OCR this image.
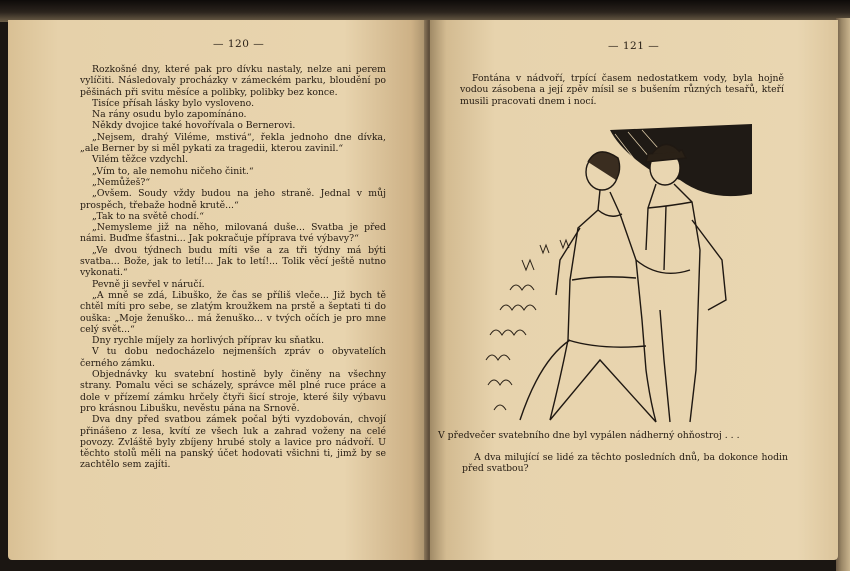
— 120 —

Rozkošné dny, které pak pro dívku nastaly, nelze ani perem vylíčiti. Následovaly procházky v zámeckém parku, bloudění po pěšinách při svitu měsíce a polibky, polibky bez konce.

Tisíce přísah lásky bylo vysloveno.

Na rány osudu bylo zapomínáno.

Někdy dvojice také hovořívala o Bernerovi.

„Nejsem, drahý Viléme, mstivá“, řekla jednoho dne dívka, „ale Berner by si měl pykati za tragedii, kterou zavinil.“

Vilém těžce vzdychl.

„Vím to, ale nemohu ničeho činit.“

„Nemůžeš?“

„Ovšem. Soudy vždy budou na jeho straně. Jednal v můj prospěch, třebaže hodně krutě...“

„Tak to na světě chodí.“

„Nemysleme již na něho, milovaná duše... Svatba je před námi. Buďme šťastni... Jak pokračuje příprava tvé výbavy?“

„Ve dvou týdnech budu míti vše a za tři týdny má býti svatba... Bože, jak to letí!... Jak to letí!... Tolik věcí ještě nutno vykonati.“

Pevně ji sevřel v náručí.

„A mně se zdá, Libuško, že čas se příliš vleče... Již bych tě chtěl míti pro sebe, se zlatým kroužkem na prstě a šeptati ti do ouška: „Moje ženuško... má ženuško... v tvých očích je pro mne celý svět...“

Dny rychle míjely za horlivých příprav ku sňatku.

V tu dobu nedocházelo nejmenších zpráv o obyvatelích černého zámku.

Objednávky ku svatební hostině byly činěny na všechny strany. Pomalu věci se scházely, správce měl plné ruce práce a dole v přízemí zámku hrčely čtyři šicí stroje, které šily výbavu pro krásnou Libušku, nevěstu pána na Srnově.

Dva dny před svatbou zámek počal býti vyzdobován, chvojí přinášeno z lesa, kvítí ze všech luk a zahrad voženy na celé povozy. Zvláště byly zbíjeny hrubé stoly a lavice pro nádvoří. U těchto stolů měli na panský účet hodovati všichni ti, jimž by se zachtělo sem zajíti.

— 121 —

Fontána v nádvoří, trpící časem nedostatkem vody, byla hojně vodou zásobena a její zpěv mísil se s bušením různých tesařů, kteří musili pracovati dnem i nocí.

V předvečer svatebního dne byl vypálen nádherný ohňostroj . . .

A dva milující se lidé za těchto posledních dnů, ba dokonce hodin před svatbou?
